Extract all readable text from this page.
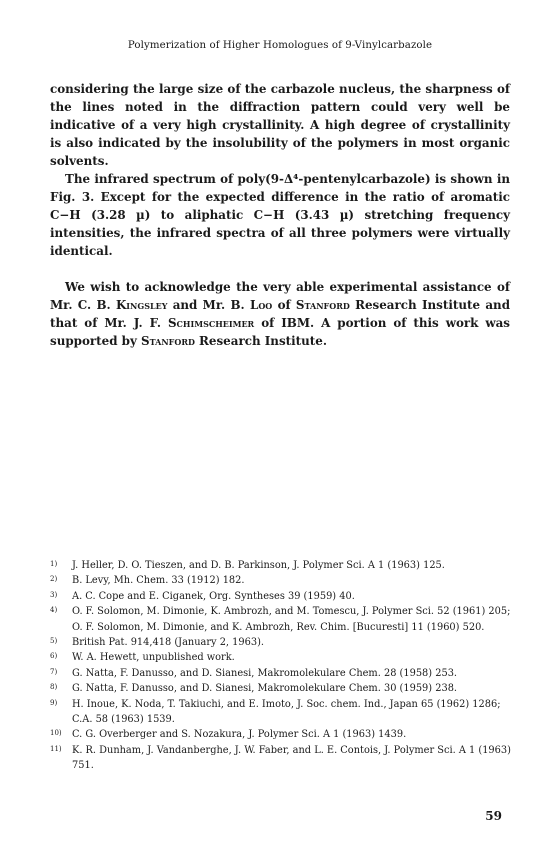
Polymerization of Higher Homologues of 9-Vinylcarbazole

considering the large size of the carbazole nucleus, the sharpness of the lines noted in the diffraction pattern could very well be indicative of a very high crystallinity. A high degree of crystallinity is also indicated by the insolubility of the polymers in most organic solvents.

The infrared spectrum of poly(9-Δ⁴-pentenylcarbazole) is shown in Fig. 3. Except for the expected difference in the ratio of aromatic C−H (3.28 µ) to aliphatic C−H (3.43 µ) stretching frequency intensities, the infrared spectra of all three polymers were virtually identical.

We wish to acknowledge the very able experimental assistance of Mr. C. B. Kingsley and Mr. B. Loo of Stanford Research Institute and that of Mr. J. F. Schimscheimer of IBM. A portion of this work was supported by Stanford Research Institute.

1)	J. Heller, D. O. Tieszen, and D. B. Parkinson, J. Polymer Sci. A 1 (1963) 125.
2)	B. Levy, Mh. Chem. 33 (1912) 182.
3)	A. C. Cope and E. Ciganek, Org. Syntheses 39 (1959) 40.
4)	O. F. Solomon, M. Dimonie, K. Ambrozh, and M. Tomescu, J. Polymer Sci. 52 (1961) 205; O. F. Solomon, M. Dimonie, and K. Ambrozh, Rev. Chim. [Bucuresti] 11 (1960) 520.
5)	British Pat. 914,418 (January 2, 1963).
6)	W. A. Hewett, unpublished work.
7)	G. Natta, F. Danusso, and D. Sianesi, Makromolekulare Chem. 28 (1958) 253.
8)	G. Natta, F. Danusso, and D. Sianesi, Makromolekulare Chem. 30 (1959) 238.
9)	H. Inoue, K. Noda, T. Takiuchi, and E. Imoto, J. Soc. chem. Ind., Japan 65 (1962) 1286; C.A. 58 (1963) 1539.
10)	C. G. Overberger and S. Nozakura, J. Polymer Sci. A 1 (1963) 1439.
11)	K. R. Dunham, J. Vandanberghe, J. W. Faber, and L. E. Contois, J. Polymer Sci. A 1 (1963) 751.
59
